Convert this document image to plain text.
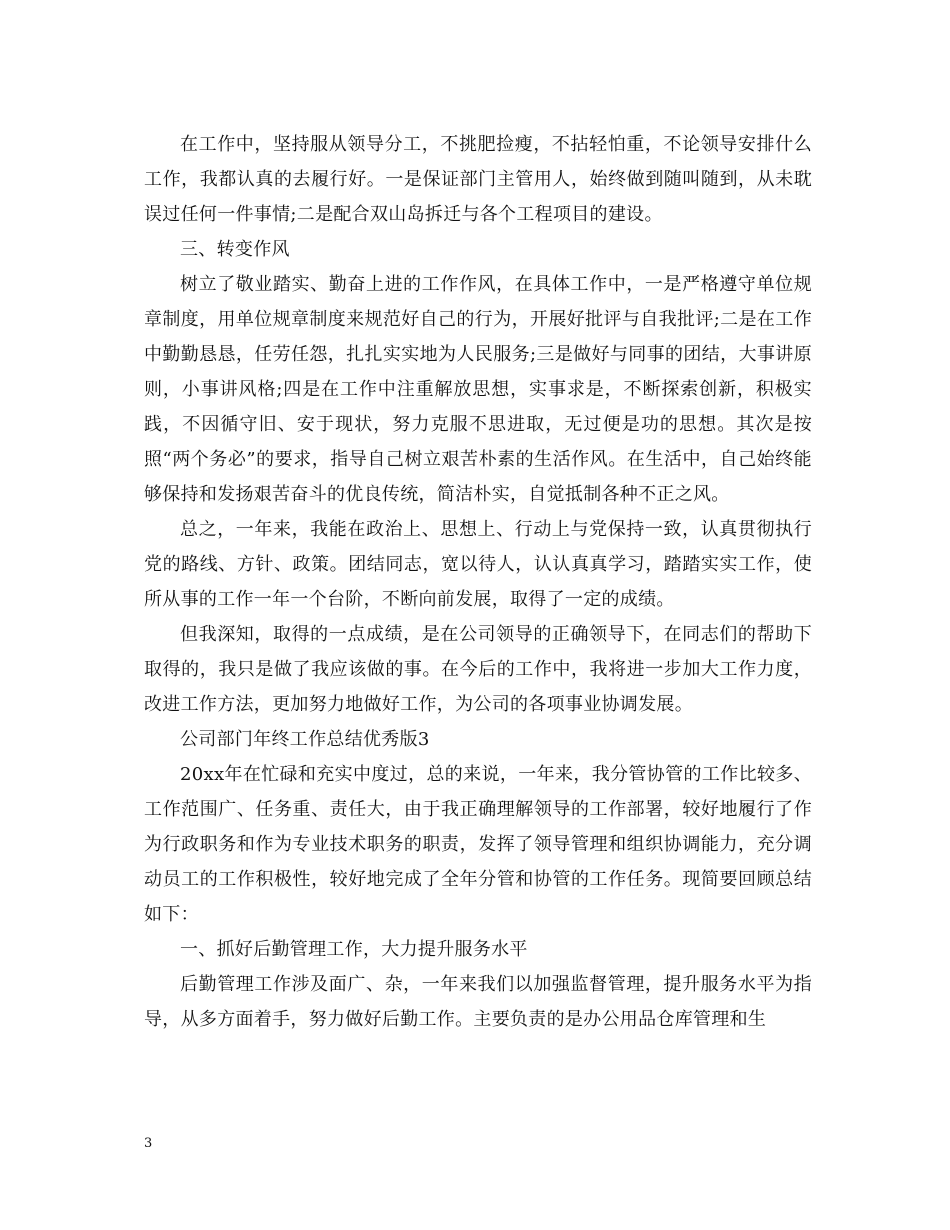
在工作中，坚持服从领导分工，不挑肥捡瘦，不拈轻怕重，不论领导安排什么工作，我都认真的去履行好。一是保证部门主管用人，始终做到随叫随到，从未耽误过任何一件事情;二是配合双山岛拆迁与各个工程项目的建设。

三、转变作风

树立了敬业踏实、勤奋上进的工作作风，在具体工作中，一是严格遵守单位规章制度，用单位规章制度来规范好自己的行为，开展好批评与自我批评;二是在工作中勤勤恳恳，任劳任怨，扎扎实实地为人民服务;三是做好与同事的团结，大事讲原则，小事讲风格;四是在工作中注重解放思想，实事求是，不断探索创新，积极实践，不因循守旧、安于现状，努力克服不思进取，无过便是功的思想。其次是按照“两个务必”的要求，指导自己树立艰苦朴素的生活作风。在生活中，自己始终能够保持和发扬艰苦奋斗的优良传统，简洁朴实，自觉抵制各种不正之风。

总之，一年来，我能在政治上、思想上、行动上与党保持一致，认真贯彻执行党的路线、方针、政策。团结同志，宽以待人，认认真真学习，踏踏实实工作，使所从事的工作一年一个台阶，不断向前发展，取得了一定的成绩。

但我深知，取得的一点成绩，是在公司领导的正确领导下，在同志们的帮助下取得的，我只是做了我应该做的事。在今后的工作中，我将进一步加大工作力度，改进工作方法，更加努力地做好工作，为公司的各项事业协调发展。

公司部门年终工作总结优秀版3

20xx年在忙碌和充实中度过，总的来说，一年来，我分管协管的工作比较多、工作范围广、任务重、责任大，由于我正确理解领导的工作部署，较好地履行了作为行政职务和作为专业技术职务的职责，发挥了领导管理和组织协调能力，充分调动员工的工作积极性，较好地完成了全年分管和协管的工作任务。现简要回顾总结如下：

一、抓好后勤管理工作，大力提升服务水平

后勤管理工作涉及面广、杂，一年来我们以加强监督管理，提升服务水平为指导，从多方面着手，努力做好后勤工作。主要负责的是办公用品仓库管理和生

3
